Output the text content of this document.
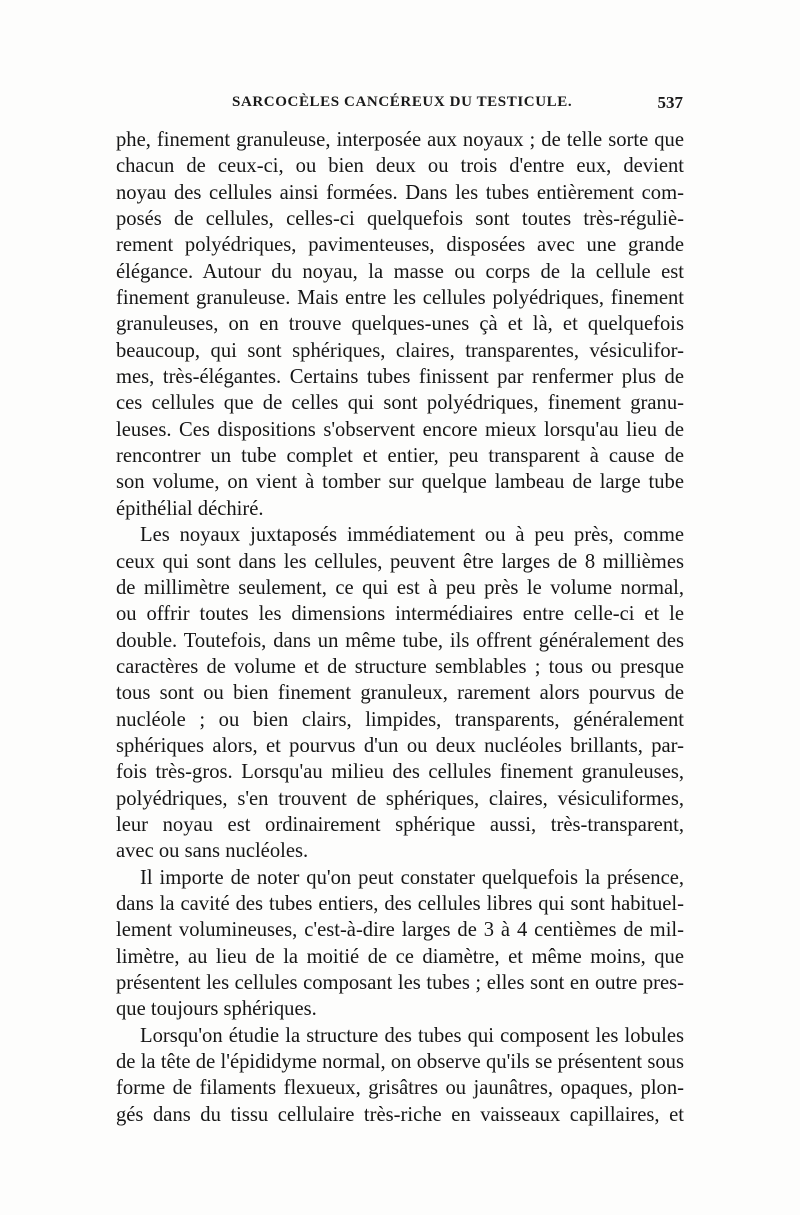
SARCOCÈLES CANCÉREUX DU TESTICULE.	537
phe, finement granuleuse, interposée aux noyaux ; de telle sorte que
chacun de ceux-ci, ou bien deux ou trois d'entre eux, devient
noyau des cellules ainsi formées. Dans les tubes entièrement com-
posés de cellules, celles-ci quelquefois sont toutes très-réguliè-
rement polyédriques, pavimenteuses, disposées avec une grande
élégance. Autour du noyau, la masse ou corps de la cellule est
finement granuleuse. Mais entre les cellules polyédriques, finement
granuleuses, on en trouve quelques-unes çà et là, et quelquefois
beaucoup, qui sont sphériques, claires, transparentes, vésiculifor-
mes, très-élégantes. Certains tubes finissent par renfermer plus de
ces cellules que de celles qui sont polyédriques, finement granu-
leuses. Ces dispositions s'observent encore mieux lorsqu'au lieu de
rencontrer un tube complet et entier, peu transparent à cause de
son volume, on vient à tomber sur quelque lambeau de large tube
épithélial déchiré.
Les noyaux juxtaposés immédiatement ou à peu près, comme
ceux qui sont dans les cellules, peuvent être larges de 8 millièmes
de millimètre seulement, ce qui est à peu près le volume normal,
ou offrir toutes les dimensions intermédiaires entre celle-ci et le
double. Toutefois, dans un même tube, ils offrent généralement des
caractères de volume et de structure semblables ; tous ou presque
tous sont ou bien finement granuleux, rarement alors pourvus de
nucléole ; ou bien clairs, limpides, transparents, généralement
sphériques alors, et pourvus d'un ou deux nucléoles brillants, par-
fois très-gros. Lorsqu'au milieu des cellules finement granuleuses,
polyédriques, s'en trouvent de sphériques, claires, vésiculiformes,
leur noyau est ordinairement sphérique aussi, très-transparent,
avec ou sans nucléoles.
Il importe de noter qu'on peut constater quelquefois la présence,
dans la cavité des tubes entiers, des cellules libres qui sont habituel-
lement volumineuses, c'est-à-dire larges de 3 à 4 centièmes de mil-
limètre, au lieu de la moitié de ce diamètre, et même moins, que
présentent les cellules composant les tubes ; elles sont en outre pres-
que toujours sphériques.
Lorsqu'on étudie la structure des tubes qui composent les lobules
de la tête de l'épididyme normal, on observe qu'ils se présentent sous
forme de filaments flexueux, grisâtres ou jaunâtres, opaques, plon-
gés dans du tissu cellulaire très-riche en vaisseaux capillaires, et
